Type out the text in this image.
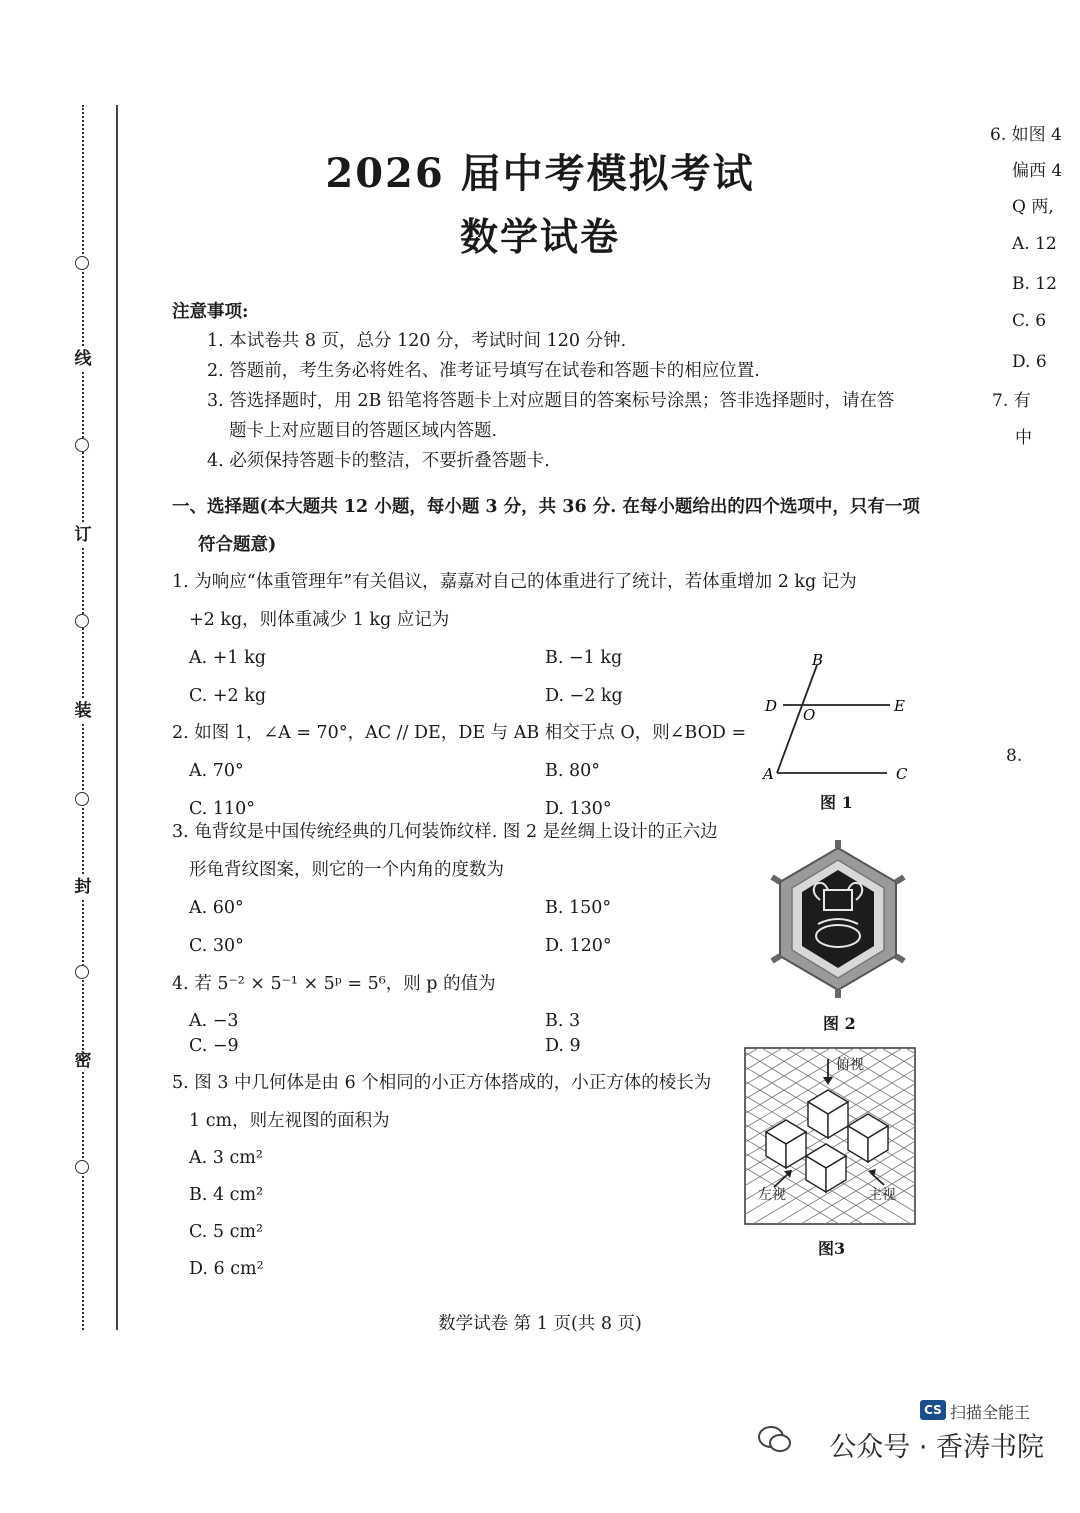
线
订
装
封
密
2026 届中考模拟考试
数学试卷
注意事项:
1. 本试卷共 8 页，总分 120 分，考试时间 120 分钟.
2. 答题前，考生务必将姓名、准考证号填写在试卷和答题卡的相应位置.
3. 答选择题时，用 2B 铅笔将答题卡上对应题目的答案标号涂黑；答非选择题时，请在答
题卡上对应题目的答题区域内答题.
4. 必须保持答题卡的整洁，不要折叠答题卡.
一、选择题(本大题共 12 小题，每小题 3 分，共 36 分. 在每小题给出的四个选项中，只有一项
符合题意)
1. 为响应“体重管理年”有关倡议，嘉嘉对自己的体重进行了统计，若体重增加 2 kg 记为
+2 kg，则体重减少 1 kg 应记为
A. +1 kg	B. −1 kg
C. +2 kg	D. −2 kg
2. 如图 1，∠A = 70°，AC // DE，DE 与 AB 相交于点 O，则∠BOD =
A. 70°	B. 80°
C. 110°	D. 130°
3. 龟背纹是中国传统经典的几何装饰纹样. 图 2 是丝绸上设计的正六边
形龟背纹图案，则它的一个内角的度数为
A. 60°	B. 150°
C. 30°	D. 120°
4. 若 5⁻² × 5⁻¹ × 5ᵖ = 5⁶，则 p 的值为
A. −3	B. 3
C. −9	D. 9
5. 图 3 中几何体是由 6 个相同的小正方体搭成的，小正方体的棱长为
1 cm，则左视图的面积为
A. 3 cm²
B. 4 cm²
C. 5 cm²
D. 6 cm²
B
D O	E
A	C
图 1
图 2
俯视
左视	主视
图3
数学试卷 第 1 页(共 8 页)
6. 如图 4
偏西 4
Q 两,
A. 12
B. 12
C. 6
D. 6
7. 有
中
8.
CS 扫描全能王
公众号 · 香涛书院
